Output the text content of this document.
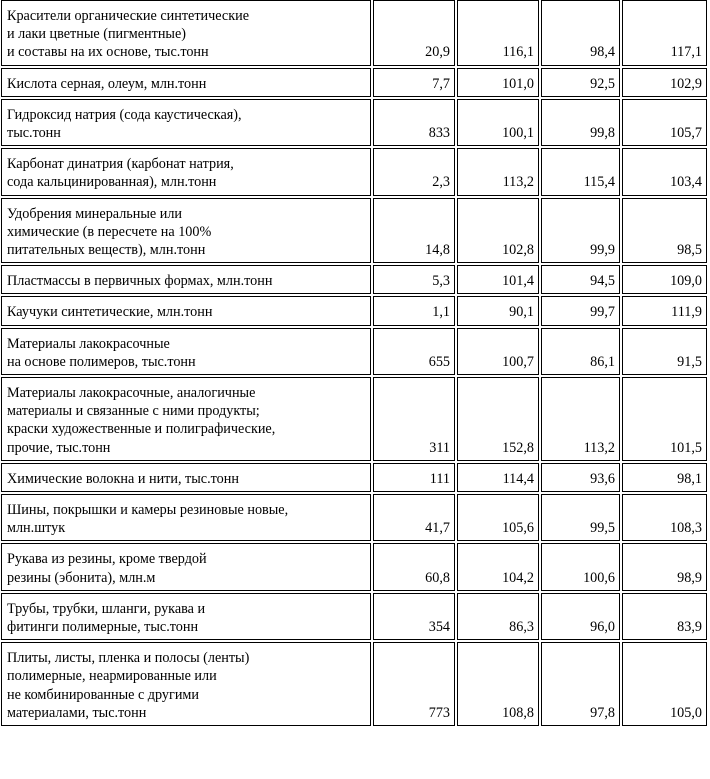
Красители органические синтетические
и лаки цветные (пигментные)
и составы на их основе, тыс.тонн	20,9	116,1	98,4	117,1

Кислота серная, олеум, млн.тонн	7,7	101,0	92,5	102,9

Гидроксид натрия (сода каустическая),
тыс.тонн	833	100,1	99,8	105,7

Карбонат динатрия (карбонат натрия,
сода кальцинированная), млн.тонн	2,3	113,2	115,4	103,4

Удобрения минеральные или
химические (в пересчете на 100%
питательных веществ), млн.тонн	14,8	102,8	99,9	98,5

Пластмассы в первичных формах, млн.тонн	5,3	101,4	94,5	109,0

Каучуки синтетические, млн.тонн	1,1	90,1	99,7	111,9

Материалы лакокрасочные
на основе полимеров, тыс.тонн	655	100,7	86,1	91,5

Материалы лакокрасочные, аналогичные
материалы и связанные с ними продукты;
краски художественные и полиграфические,
прочие, тыс.тонн	311	152,8	113,2	101,5

Химические волокна и нити, тыс.тонн	111	114,4	93,6	98,1

Шины, покрышки и камеры резиновые новые,
млн.штук	41,7	105,6	99,5	108,3

Рукава из резины, кроме твердой
резины (эбонита), млн.м	60,8	104,2	100,6	98,9

Трубы, трубки, шланги, рукава и
фитинги полимерные, тыс.тонн	354	86,3	96,0	83,9

Плиты, листы, пленка и полосы (ленты)
полимерные, неармированные или
не комбинированные с другими
материалами, тыс.тонн	773	108,8	97,8	105,0
